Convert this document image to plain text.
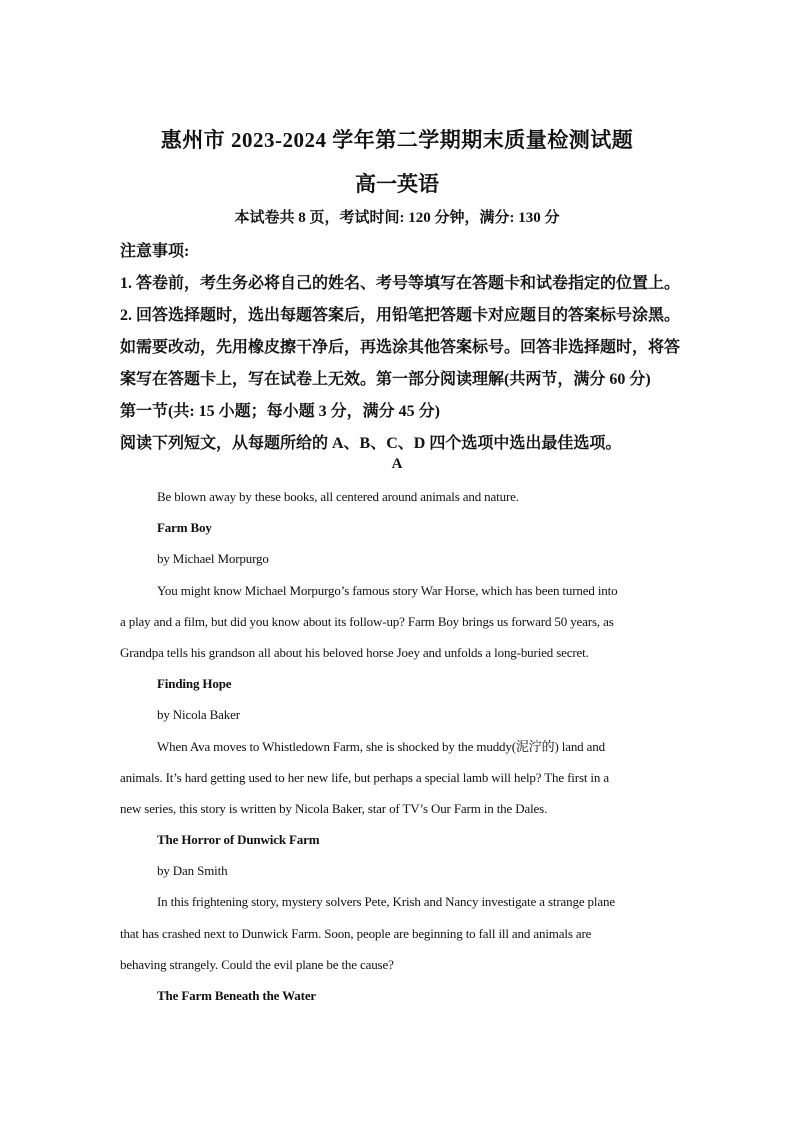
惠州市 2023-2024 学年第二学期期末质量检测试题
高一英语
本试卷共 8 页，考试时间: 120 分钟，满分: 130 分
注意事项:
1. 答卷前，考生务必将自己的姓名、考号等填写在答题卡和试卷指定的位置上。
2. 回答选择题时，选出每题答案后，用铅笔把答题卡对应题目的答案标号涂黑。
如需要改动，先用橡皮擦干净后，再选涂其他答案标号。回答非选择题时，将答
案写在答题卡上，写在试卷上无效。第一部分阅读理解(共两节，满分 60 分)
第一节(共: 15 小题；每小题 3 分，满分 45 分)
阅读下列短文，从每题所给的 A、B、C、D 四个选项中选出最佳选项。
A
Be blown away by these books, all centered around animals and nature.
Farm Boy
by Michael Morpurgo
You might know Michael Morpurgo’s famous story War Horse, which has been turned into
a play and a film, but did you know about its follow-up? Farm Boy brings us forward 50 years, as
Grandpa tells his grandson all about his beloved horse Joey and unfolds a long-buried secret.
Finding Hope
by Nicola Baker
When Ava moves to Whistledown Farm, she is shocked by the muddy(泥泞的) land and
animals. It’s hard getting used to her new life, but perhaps a special lamb will help? The first in a
new series, this story is written by Nicola Baker, star of TV’s Our Farm in the Dales.
The Horror of Dunwick Farm
by Dan Smith
In this frightening story, mystery solvers Pete, Krish and Nancy investigate a strange plane
that has crashed next to Dunwick Farm. Soon, people are beginning to fall ill and animals are
behaving strangely. Could the evil plane be the cause?
The Farm Beneath the Water
